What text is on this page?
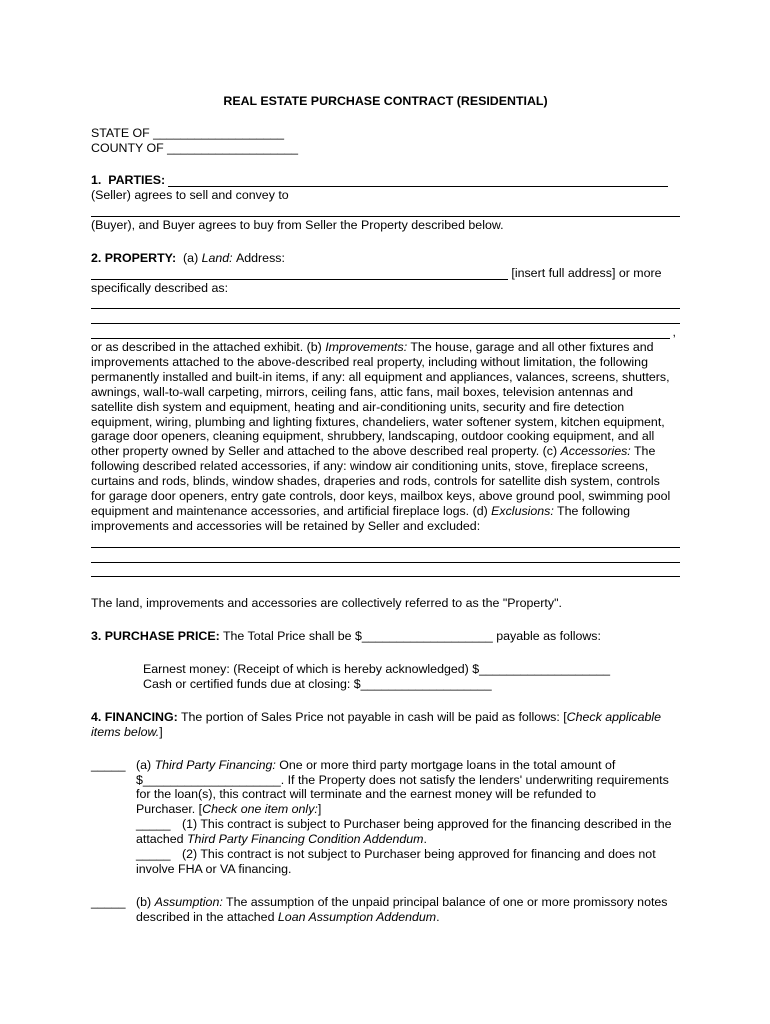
REAL ESTATE PURCHASE CONTRACT (RESIDENTIAL)
STATE OF ___________________
COUNTY OF ___________________
1.  PARTIES:
(Seller) agrees to sell and convey to
(Buyer), and Buyer agrees to buy from Seller the Property described below.
2. PROPERTY: (a) Land: Address:
[insert full address] or more
specifically described as:
,
or as described in the attached exhibit. (b) Improvements: The house, garage and all other fixtures and
improvements attached to the above-described real property, including without limitation, the following
permanently installed and built-in items, if any: all equipment and appliances, valances, screens, shutters,
awnings, wall-to-wall carpeting, mirrors, ceiling fans, attic fans, mail boxes, television antennas and
satellite dish system and equipment, heating and air-conditioning units, security and fire detection
equipment, wiring, plumbing and lighting fixtures, chandeliers, water softener system, kitchen equipment,
garage door openers, cleaning equipment, shrubbery, landscaping, outdoor cooking equipment, and all
other property owned by Seller and attached to the above described real property. (c) Accessories: The
following described related accessories, if any: window air conditioning units, stove, fireplace screens,
curtains and rods, blinds, window shades, draperies and rods, controls for satellite dish system, controls
for garage door openers, entry gate controls, door keys, mailbox keys, above ground pool, swimming pool
equipment and maintenance accessories, and artificial fireplace logs. (d) Exclusions: The following
improvements and accessories will be retained by Seller and excluded:
The land, improvements and accessories are collectively referred to as the "Property".
3. PURCHASE PRICE: The Total Price shall be $___________________ payable as follows:
Earnest money: (Receipt of which is hereby acknowledged) $___________________
Cash or certified funds due at closing: $___________________
4. FINANCING: The portion of Sales Price not payable in cash will be paid as follows: [Check applicable
items below.]
_____ (a) Third Party Financing: One or more third party mortgage loans in the total amount of
$____________________. If the Property does not satisfy the lenders' underwriting requirements
for the loan(s), this contract will terminate and the earnest money will be refunded to
Purchaser. [Check one item only:]
_____ (1) This contract is subject to Purchaser being approved for the financing described in the
attached Third Party Financing Condition Addendum.
_____ (2) This contract is not subject to Purchaser being approved for financing and does not
involve FHA or VA financing.
_____ (b) Assumption: The assumption of the unpaid principal balance of one or more promissory notes
described in the attached Loan Assumption Addendum.
